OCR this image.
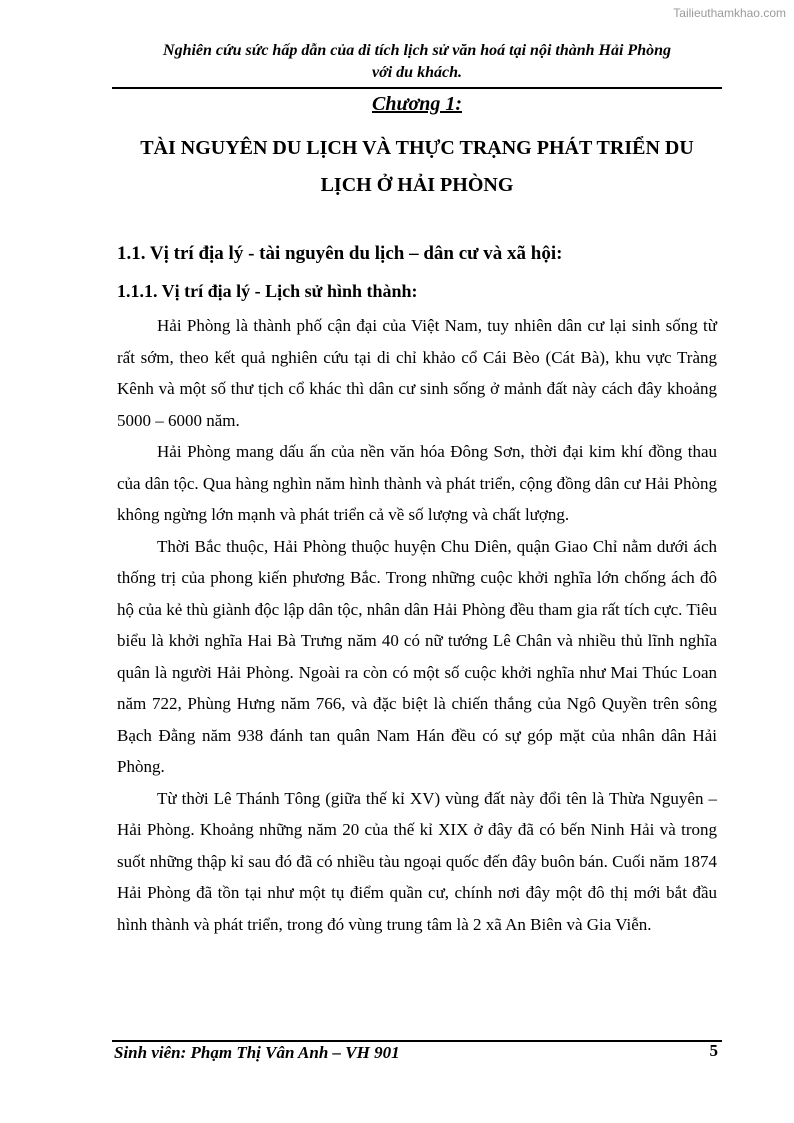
Tailieuthamkhao.com
Nghiên cứu sức hấp dẫn của di tích lịch sử văn hoá tại nội thành Hải Phòng
với du khách.
Chương 1:
TÀI NGUYÊN DU LỊCH VÀ THỰC TRẠNG PHÁT TRIỂN DU
LỊCH Ở HẢI PHÒNG
1.1. Vị trí địa lý - tài nguyên du lịch – dân cư và xã hội:
1.1.1. Vị trí địa lý - Lịch sử hình thành:

Hải Phòng là thành phố cận đại của Việt Nam, tuy nhiên dân cư lại sinh sống từ rất sớm, theo kết quả nghiên cứu tại di chỉ khảo cổ Cái Bèo (Cát Bà), khu vực Tràng Kênh và một số thư tịch cổ khác thì dân cư sinh sống ở mảnh đất này cách đây khoảng 5000 – 6000 năm.

Hải Phòng mang dấu ấn của nền văn hóa Đông Sơn, thời đại kim khí đồng thau của dân tộc. Qua hàng nghìn năm hình thành và phát triển, cộng đồng dân cư Hải Phòng không ngừng lớn mạnh và phát triển cả về số lượng và chất lượng.

Thời Bắc thuộc, Hải Phòng thuộc huyện Chu Diên, quận Giao Chỉ nằm dưới ách thống trị của phong kiến phương Bắc. Trong những cuộc khởi nghĩa lớn chống ách đô hộ của kẻ thù giành độc lập dân tộc, nhân dân Hải Phòng đều tham gia rất tích cực. Tiêu biểu là khởi nghĩa Hai Bà Trưng năm 40 có nữ tướng Lê Chân và nhiều thủ lĩnh nghĩa quân là người Hải Phòng. Ngoài ra còn có một số cuộc khởi nghĩa như Mai Thúc Loan năm 722, Phùng Hưng năm 766, và đặc biệt là chiến thắng của Ngô Quyền trên sông Bạch Đằng năm 938 đánh tan quân Nam Hán đều có sự góp mặt của nhân dân Hải Phòng.

Từ thời Lê Thánh Tông (giữa thế kỉ XV) vùng đất này đổi tên là Thừa Nguyên – Hải Phòng. Khoảng những năm 20 của thế kỉ XIX ở đây đã có bến Ninh Hải và trong suốt những thập kỉ sau đó đã có nhiều tàu ngoại quốc đến đây buôn bán. Cuối năm 1874 Hải Phòng đã tồn tại như một tụ điểm quần cư, chính nơi đây một đô thị mới bắt đầu hình thành và phát triển, trong đó vùng trung tâm là 2 xã An Biên và Gia Viễn.

Sinh viên: Phạm Thị Vân Anh – VH 901	5
